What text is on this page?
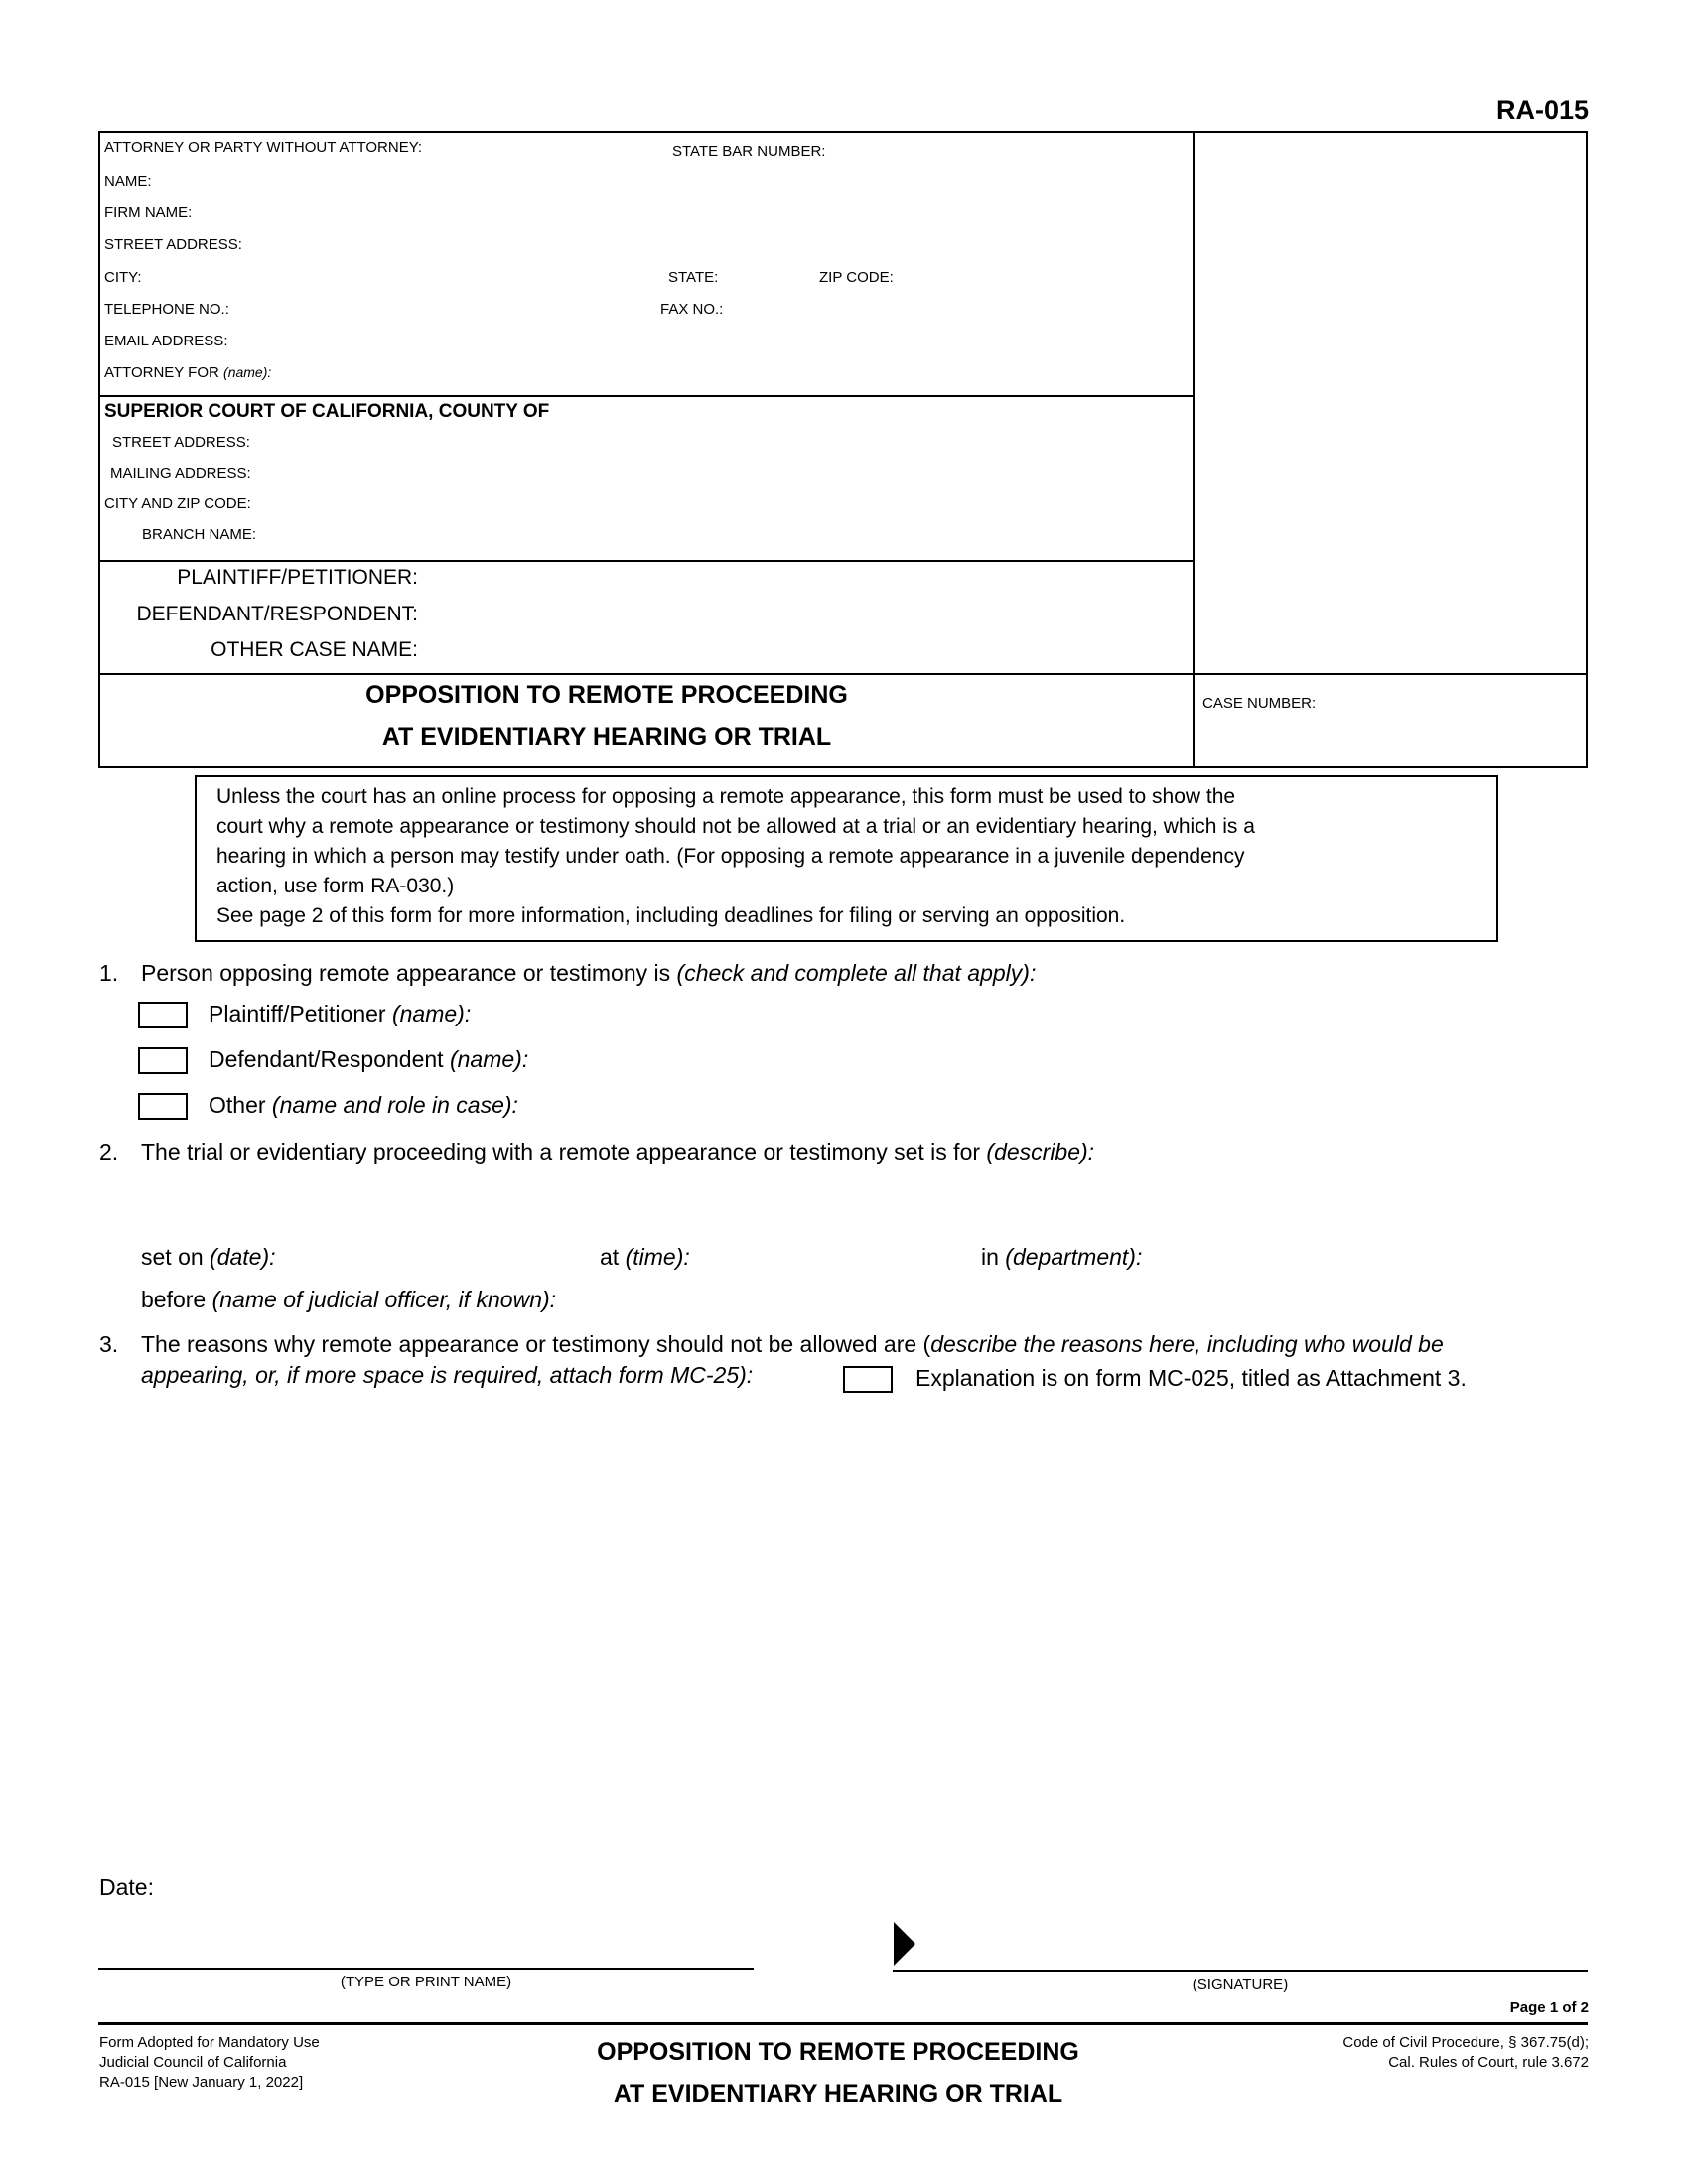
RA-015
ATTORNEY OR PARTY WITHOUT ATTORNEY:	STATE BAR NUMBER:
NAME:
FIRM NAME:
STREET ADDRESS:
CITY:	STATE:	ZIP CODE:
TELEPHONE NO.:	FAX NO.:
EMAIL ADDRESS:
ATTORNEY FOR (name):
SUPERIOR COURT OF CALIFORNIA, COUNTY OF
STREET ADDRESS:
MAILING ADDRESS:
CITY AND ZIP CODE:
BRANCH NAME:
PLAINTIFF/PETITIONER:
DEFENDANT/RESPONDENT:
OTHER CASE NAME:
OPPOSITION TO REMOTE PROCEEDING
AT EVIDENTIARY HEARING OR TRIAL
CASE NUMBER:
Unless the court has an online process for opposing a remote appearance, this form must be used to show the
court why a remote appearance or testimony should not be allowed at a trial or an evidentiary hearing, which is a
hearing in which a person may testify under oath. (For opposing a remote appearance in a juvenile dependency
action, use form RA-030.)
See page 2 of this form for more information, including deadlines for filing or serving an opposition.
1. Person opposing remote appearance or testimony is (check and complete all that apply):
Plaintiff/Petitioner (name):
Defendant/Respondent (name):
Other (name and role in case):
2. The trial or evidentiary proceeding with a remote appearance or testimony set is for (describe):
set on (date):	at (time):	in (department):
before (name of judicial officer, if known):
3. The reasons why remote appearance or testimony should not be allowed are (describe the reasons here, including who would be
appearing, or, if more space is required, attach form MC-25):	Explanation is on form MC-025, titled as Attachment 3.
Date:
(TYPE OR PRINT NAME)	(SIGNATURE)
Page 1 of 2
Form Adopted for Mandatory Use
Judicial Council of California
RA-015 [New January 1, 2022]
OPPOSITION TO REMOTE PROCEEDING
AT EVIDENTIARY HEARING OR TRIAL
Code of Civil Procedure, § 367.75(d);
Cal. Rules of Court, rule 3.672
